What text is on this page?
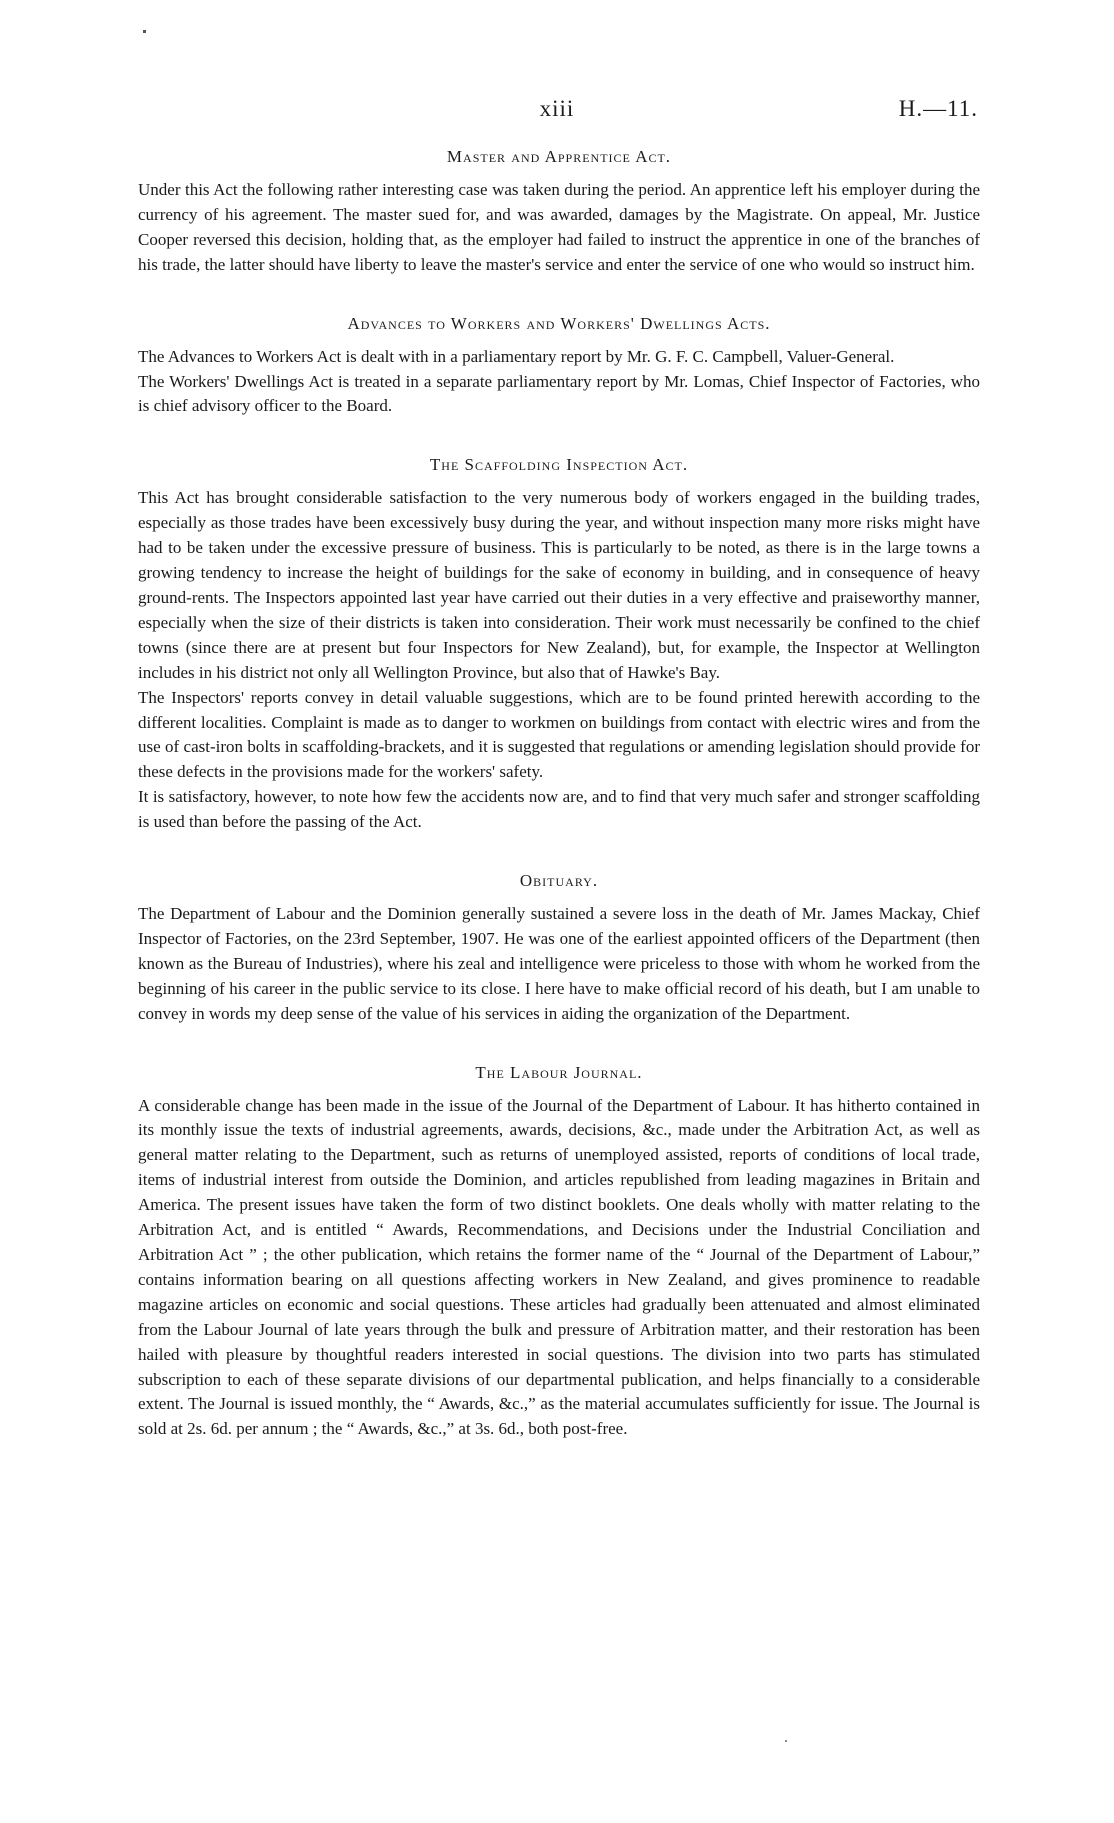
xiii	H.—11.
Master and Apprentice Act.

Under this Act the following rather interesting case was taken during the period. An apprentice left his employer during the currency of his agreement. The master sued for, and was awarded, damages by the Magistrate. On appeal, Mr. Justice Cooper reversed this decision, holding that, as the employer had failed to instruct the apprentice in one of the branches of his trade, the latter should have liberty to leave the master's service and enter the service of one who would so instruct him.

Advances to Workers and Workers' Dwellings Acts.

The Advances to Workers Act is dealt with in a parliamentary report by Mr. G. F. C. Campbell, Valuer-General.

The Workers' Dwellings Act is treated in a separate parliamentary report by Mr. Lomas, Chief Inspector of Factories, who is chief advisory officer to the Board.

The Scaffolding Inspection Act.

This Act has brought considerable satisfaction to the very numerous body of workers engaged in the building trades, especially as those trades have been excessively busy during the year, and without inspection many more risks might have had to be taken under the excessive pressure of business. This is particularly to be noted, as there is in the large towns a growing tendency to increase the height of buildings for the sake of economy in building, and in consequence of heavy ground-rents. The Inspectors appointed last year have carried out their duties in a very effective and praiseworthy manner, especially when the size of their districts is taken into consideration. Their work must necessarily be confined to the chief towns (since there are at present but four Inspectors for New Zealand), but, for example, the Inspector at Wellington includes in his district not only all Wellington Province, but also that of Hawke's Bay.

The Inspectors' reports convey in detail valuable suggestions, which are to be found printed herewith according to the different localities. Complaint is made as to danger to workmen on buildings from contact with electric wires and from the use of cast-iron bolts in scaffolding-brackets, and it is suggested that regulations or amending legislation should provide for these defects in the provisions made for the workers' safety.

It is satisfactory, however, to note how few the accidents now are, and to find that very much safer and stronger scaffolding is used than before the passing of the Act.

Obituary.

The Department of Labour and the Dominion generally sustained a severe loss in the death of Mr. James Mackay, Chief Inspector of Factories, on the 23rd September, 1907. He was one of the earliest appointed officers of the Department (then known as the Bureau of Industries), where his zeal and intelligence were priceless to those with whom he worked from the beginning of his career in the public service to its close. I here have to make official record of his death, but I am unable to convey in words my deep sense of the value of his services in aiding the organization of the Department.

The Labour Journal.

A considerable change has been made in the issue of the Journal of the Department of Labour. It has hitherto contained in its monthly issue the texts of industrial agreements, awards, decisions, &c., made under the Arbitration Act, as well as general matter relating to the Department, such as returns of unemployed assisted, reports of conditions of local trade, items of industrial interest from outside the Dominion, and articles republished from leading magazines in Britain and America. The present issues have taken the form of two distinct booklets. One deals wholly with matter relating to the Arbitration Act, and is entitled “ Awards, Recommendations, and Decisions under the Industrial Conciliation and Arbitration Act ” ; the other publication, which retains the former name of the “ Journal of the Department of Labour,” contains information bearing on all questions affecting workers in New Zealand, and gives prominence to readable magazine articles on economic and social questions. These articles had gradually been attenuated and almost eliminated from the Labour Journal of late years through the bulk and pressure of Arbitration matter, and their restoration has been hailed with pleasure by thoughtful readers interested in social questions. The division into two parts has stimulated subscription to each of these separate divisions of our departmental publication, and helps financially to a considerable extent. The Journal is issued monthly, the “ Awards, &c.,” as the material accumulates sufficiently for issue. The Journal is sold at 2s. 6d. per annum ; the “ Awards, &c.,” at 3s. 6d., both post-free.
